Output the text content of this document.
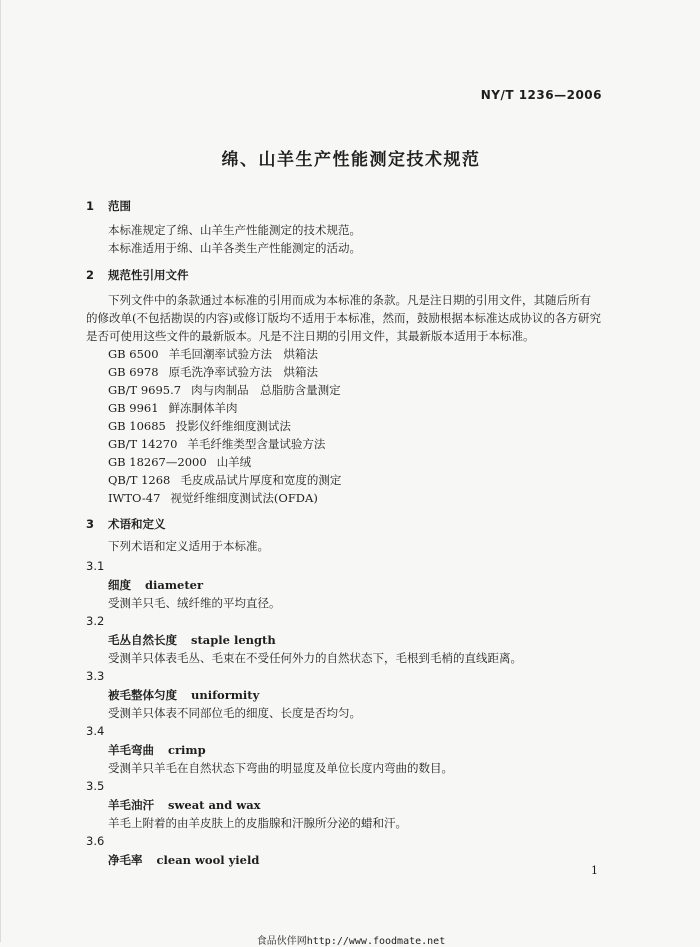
NY/T 1236—2006
绵、山羊生产性能测定技术规范
1 范围
本标准规定了绵、山羊生产性能测定的技术规范。
本标准适用于绵、山羊各类生产性能测定的活动。
2 规范性引用文件
下列文件中的条款通过本标准的引用而成为本标准的条款。凡是注日期的引用文件，其随后所有
的修改单(不包括勘误的内容)或修订版均不适用于本标准，然而，鼓励根据本标准达成协议的各方研究
是否可使用这些文件的最新版本。凡是不注日期的引用文件，其最新版本适用于本标准。
GB 6500 羊毛回潮率试验方法　烘箱法
GB 6978 原毛洗净率试验方法　烘箱法
GB/T 9695.7 肉与肉制品　总脂肪含量测定
GB 9961 鲜冻胴体羊肉
GB 10685 投影仪纤维细度测试法
GB/T 14270 羊毛纤维类型含量试验方法
GB 18267—2000 山羊绒
QB/T 1268 毛皮成品试片厚度和宽度的测定
IWTO-47 视觉纤维细度测试法(OFDA)
3 术语和定义
下列术语和定义适用于本标准。
3.1
细度 diameter
受测羊只毛、绒纤维的平均直径。
3.2
毛丛自然长度 staple length
受测羊只体表毛丛、毛束在不受任何外力的自然状态下，毛根到毛梢的直线距离。
3.3
被毛整体匀度 uniformity
受测羊只体表不同部位毛的细度、长度是否均匀。
3.4
羊毛弯曲 crimp
受测羊只羊毛在自然状态下弯曲的明显度及单位长度内弯曲的数目。
3.5
羊毛油汗 sweat and wax
羊毛上附着的由羊皮肤上的皮脂腺和汗腺所分泌的蜡和汗。
3.6
净毛率 clean wool yield
1
食品伙伴网http://www.foodmate.net
